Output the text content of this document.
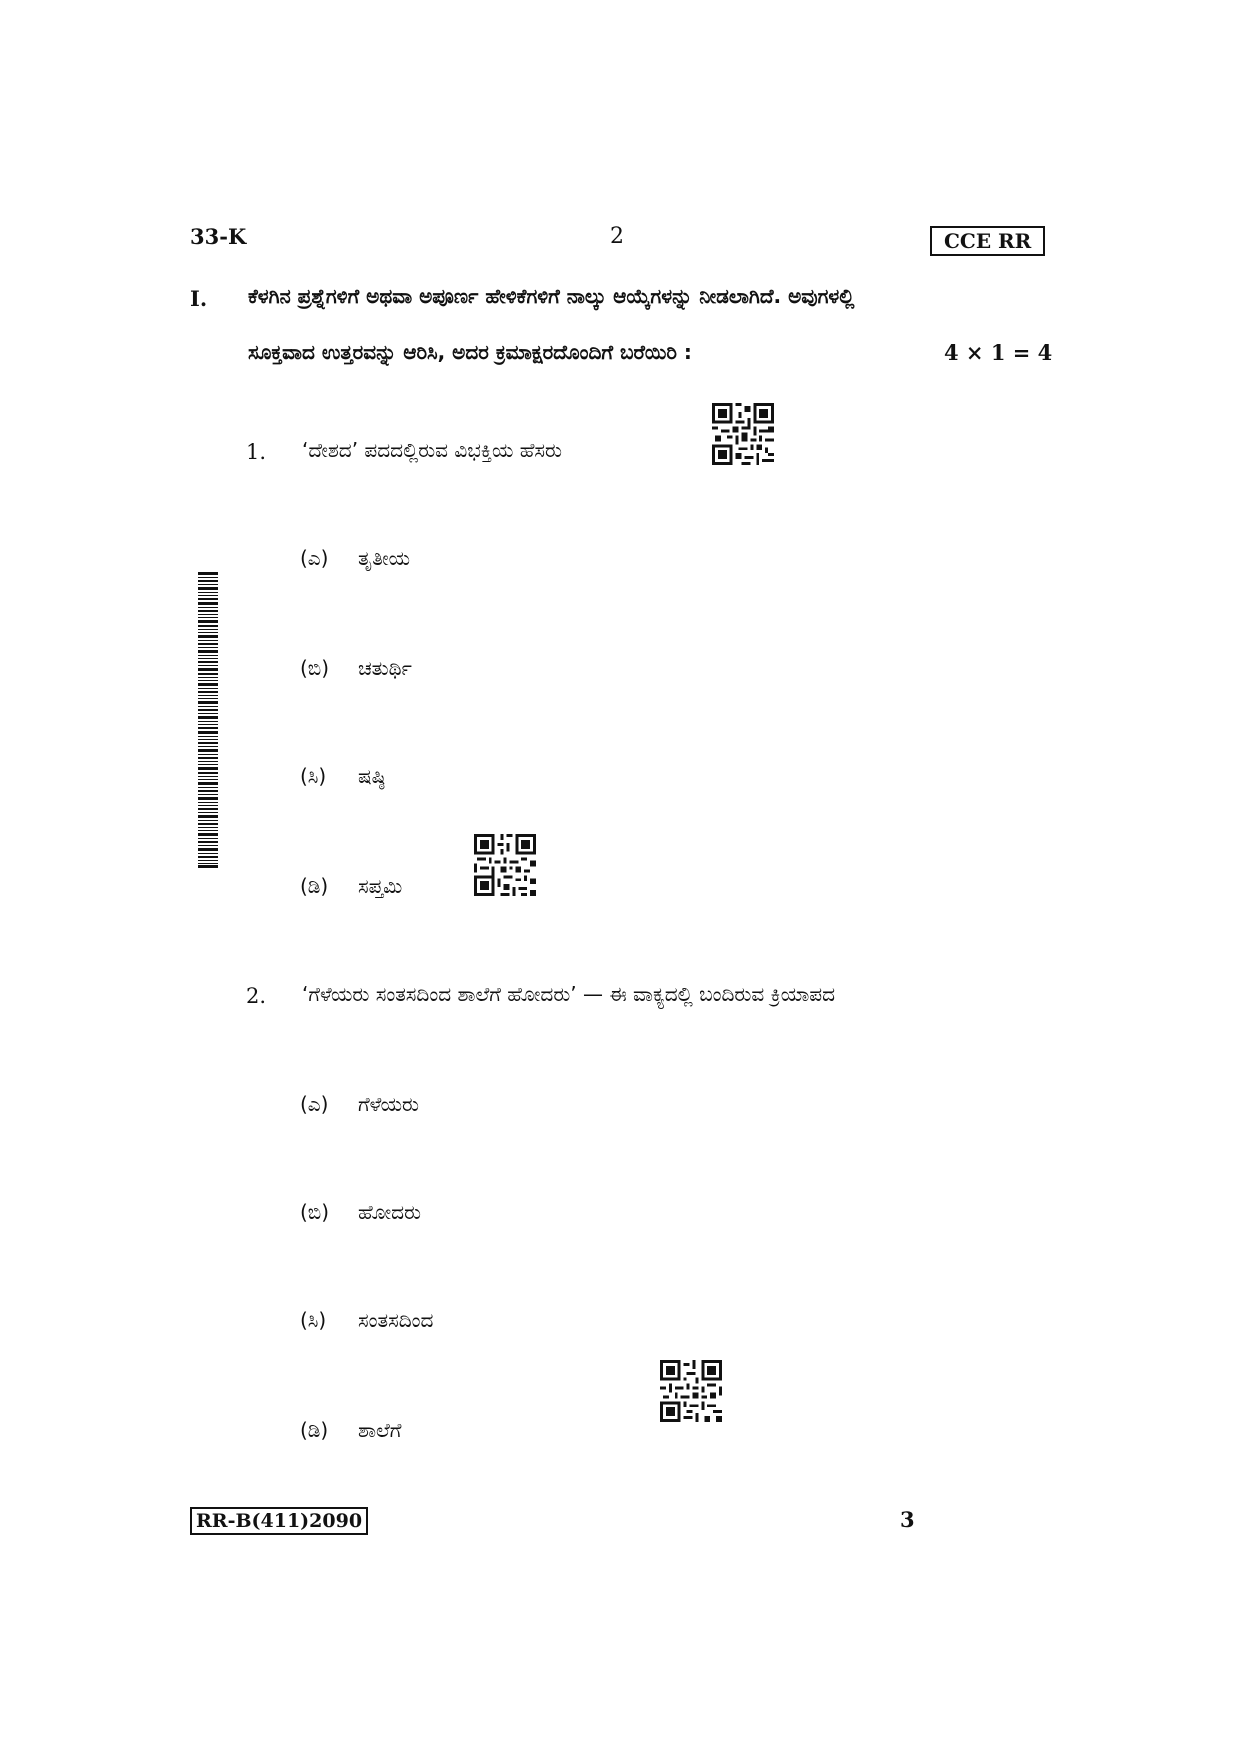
33-K	2	CCE RR
I. ಕೆಳಗಿನ ಪ್ರಶ್ನೆಗಳಿಗೆ ಅಥವಾ ಅಪೂರ್ಣ ಹೇಳಿಕೆಗಳಿಗೆ ನಾಲ್ಕು ಆಯ್ಕೆಗಳನ್ನು ನೀಡಲಾಗಿದೆ. ಅವುಗಳಲ್ಲಿ
ಸೂಕ್ತವಾದ ಉತ್ತರವನ್ನು ಆರಿಸಿ, ಅದರ ಕ್ರಮಾಕ್ಷರದೊಂದಿಗೆ ಬರೆಯಿರಿ :	4 × 1 = 4
1. ‘ದೇಶದ’ ಪದದಲ್ಲಿರುವ ವಿಭಕ್ತಿಯ ಹೆಸರು
(ಎ) ತೃತೀಯ
(ಬಿ) ಚತುರ್ಥಿ
(ಸಿ) ಷಷ್ಠಿ
(ಡಿ) ಸಪ್ತಮಿ
2. ‘ಗೆಳೆಯರು ಸಂತಸದಿಂದ ಶಾಲೆಗೆ ಹೋದರು’ — ಈ ವಾಕ್ಯದಲ್ಲಿ ಬಂದಿರುವ ಕ್ರಿಯಾಪದ
(ಎ) ಗೆಳೆಯರು
(ಬಿ) ಹೋದರು
(ಸಿ) ಸಂತಸದಿಂದ
(ಡಿ) ಶಾಲೆಗೆ
RR-B(411)2090	3
